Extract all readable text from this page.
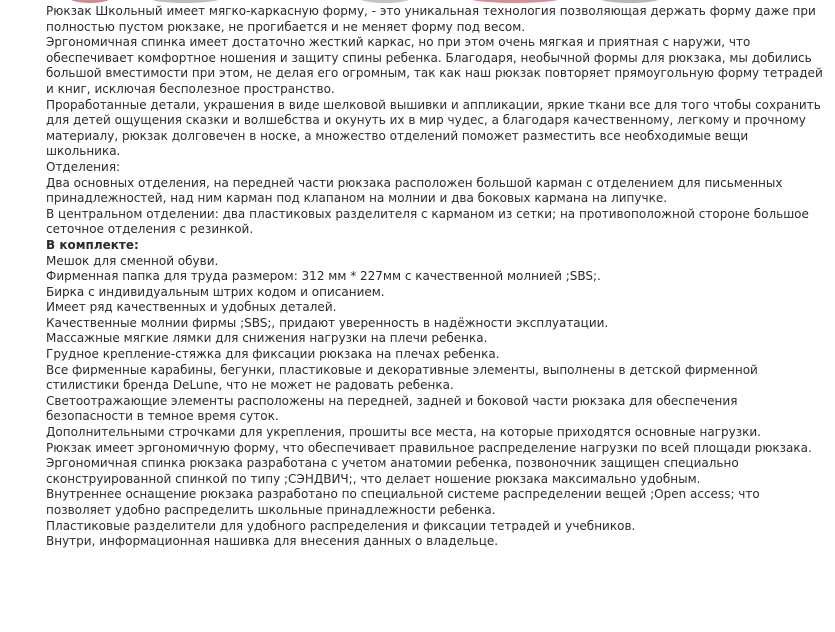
Рюкзак Школьный имеет мягко-каркасную форму, - это уникальная технология позволяющая держать форму даже при полностью пустом рюкзаке, не прогибается и не меняет форму под весом.
Эргономичная спинка имеет достаточно жесткий каркас, но при этом очень мягкая и приятная с наружи, что обеспечивает комфортное ношения и защиту спины ребенка. Благодаря, необычной формы для рюкзака, мы добились большой вместимости при этом, не делая его огромным, так как наш рюкзак повторяет прямоугольную форму тетрадей и книг, исключая бесполезное пространство.
Проработанные детали, украшения в виде шелковой вышивки и аппликации, яркие ткани все для того чтобы сохранить для детей ощущения сказки и волшебства и окунуть их в мир чудес, а благодаря качественному, легкому и прочному материалу, рюкзак долговечен в носке, а множество отделений поможет разместить все необходимые вещи школьника.
Отделения:
Два основных отделения, на передней части рюкзака расположен большой карман с отделением для письменных принадлежностей, над ним карман под клапаном на молнии и два боковых кармана на липучке.
В центральном отделении: два пластиковых разделителя с карманом из сетки; на противоположной стороне большое сеточное отделения с резинкой.
В комплекте:
Мешок для сменной обуви.
Фирменная папка для труда размером: 312 мм * 227мм с качественной молнией ;SBS;.
Бирка с индивидуальным штрих кодом и описанием.
Имеет ряд качественных и удобных деталей.
Качественные молнии фирмы ;SBS;, придают уверенность в надёжности эксплуатации.
Массажные мягкие лямки для снижения нагрузки на плечи ребенка.
Грудное крепление-стяжка для фиксации рюкзака на плечах ребенка.
Все фирменные карабины, бегунки, пластиковые и декоративные элементы, выполнены в детской фирменной стилистики бренда DeLune, что не может не радовать ребенка.
Светоотражающие элементы расположены на передней, задней и боковой части рюкзака для обеспечения безопасности в темное время суток.
Дополнительными строчками для укрепления, прошиты все места, на которые приходятся основные нагрузки.
Рюкзак имеет эргономичную форму, что обеспечивает правильное распределение нагрузки по всей площади рюкзака.
Эргономичная спинка рюкзака разработана с учетом анатомии ребенка, позвоночник защищен специально сконструированной спинкой по типу ;СЭНДВИЧ;, что делает ношение рюкзака максимально удобным.
Внутреннее оснащение рюкзака разработано по специальной системе распределении вещей ;Open access; что позволяет удобно распределить школьные принадлежности ребенка.
Пластиковые разделители для удобного распределения и фиксации тетрадей и учебников.
Внутри, информационная нашивка для внесения данных о владельце.
